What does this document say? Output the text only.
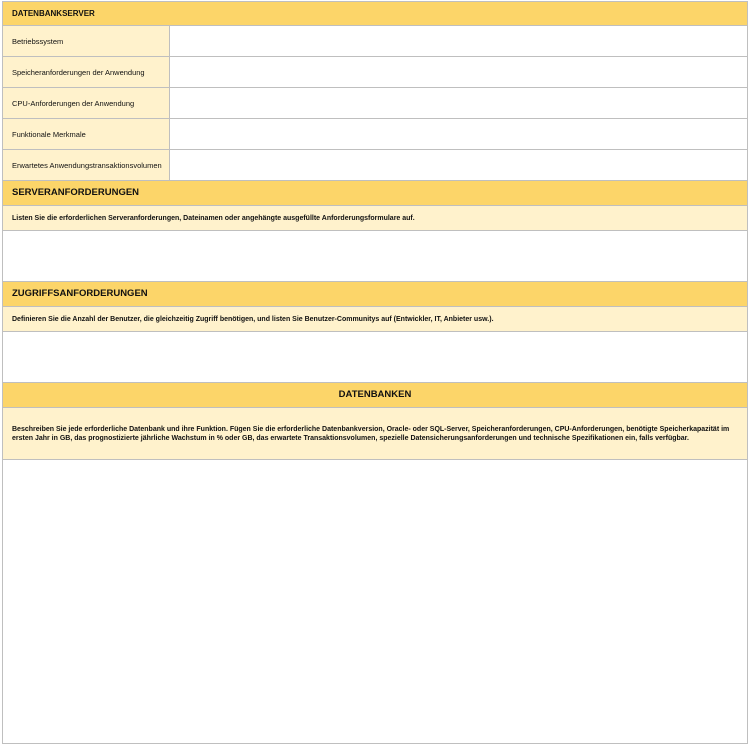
DATENBANKSERVER
Betriebssystem
Speicheranforderungen der Anwendung
CPU-Anforderungen der Anwendung
Funktionale Merkmale
Erwartetes Anwendungstransaktionsvolumen
SERVERANFORDERUNGEN
Listen Sie die erforderlichen Serveranforderungen, Dateinamen oder angehängte ausgefüllte Anforderungsformulare auf.
ZUGRIFFSANFORDERUNGEN
Definieren Sie die Anzahl der Benutzer, die gleichzeitig Zugriff benötigen, und listen Sie Benutzer-Communitys auf (Entwickler, IT, Anbieter usw.).
DATENBANKEN
Beschreiben Sie jede erforderliche Datenbank und ihre Funktion. Fügen Sie die erforderliche Datenbankversion, Oracle- oder SQL-Server, Speicheranforderungen, CPU-Anforderungen, benötigte Speicherkapazität im ersten Jahr in GB, das prognostizierte jährliche Wachstum in % oder GB, das erwartete Transaktionsvolumen, spezielle Datensicherungsanforderungen und technische Spezifikationen ein, falls verfügbar.
